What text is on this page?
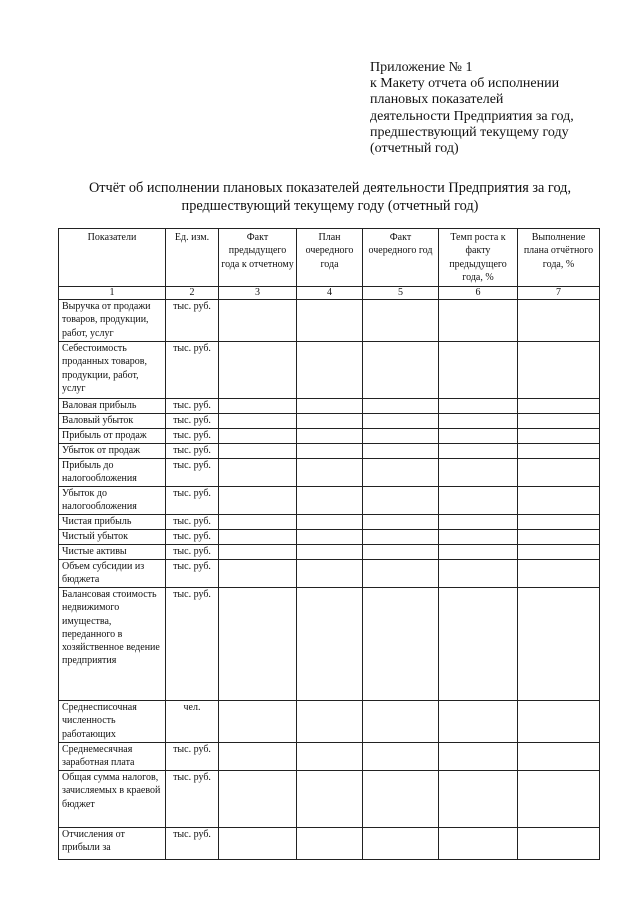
Приложение № 1
к Макету отчета об исполнении
плановых показателей
деятельности Предприятия за год,
предшествующий текущему году
(отчетный год)
Отчёт об исполнении плановых показателей деятельности Предприятия за год,
предшествующий текущему году (отчетный год)
Показатели	Ед. изм.	Факт предыдущего года к отчетному	План очередного года	Факт очередного год	Темп роста к факту предыдущего года, %	Выполнение плана отчётного года, %
1	2	3	4	5	6	7
Выручка от продажи товаров, продукции, работ, услуг	тыс. руб.					
Себестоимость проданных товаров, продукции, работ, услуг	тыс. руб.					
Валовая прибыль	тыс. руб.					
Валовый убыток	тыс. руб.					
Прибыль от продаж	тыс. руб.					
Убыток от продаж	тыс. руб.					
Прибыль до налогообложения	тыс. руб.					
Убыток до налогообложения	тыс. руб.					
Чистая прибыль	тыс. руб.					
Чистый убыток	тыс. руб.					
Чистые активы	тыс. руб.					
Объем субсидии из бюджета	тыс. руб.					
Балансовая стоимость недвижимого имущества, переданного в хозяйственное ведение предприятия	тыс. руб.					
Среднесписочная численность работающих	чел.					
Среднемесячная заработная плата	тыс. руб.					
Общая сумма налогов, зачисляемых в краевой бюджет	тыс. руб.					
Отчисления от прибыли за	тыс. руб.					
